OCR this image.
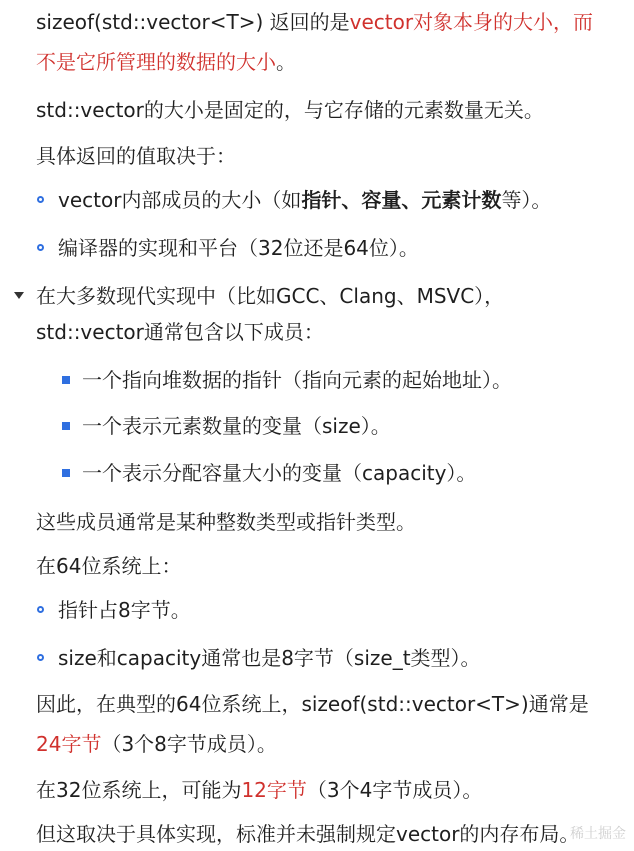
sizeof(std::vector<T>) 返回的是vector对象本身的大小，而
不是它所管理的数据的大小。
std::vector的大小是固定的，与它存储的元素数量无关。
具体返回的值取决于：
vector内部成员的大小（如指针、容量、元素计数等）。
编译器的实现和平台（32位还是64位）。
在大多数现代实现中（比如GCC、Clang、MSVC），
std::vector通常包含以下成员：
一个指向堆数据的指针（指向元素的起始地址）。
一个表示元素数量的变量（size）。
一个表示分配容量大小的变量（capacity）。
这些成员通常是某种整数类型或指针类型。
在64位系统上：
指针占8字节。
size和capacity通常也是8字节（size_t类型）。
因此，在典型的64位系统上，sizeof(std::vector<T>)通常是
24字节（3个8字节成员）。
在32位系统上，可能为12字节（3个4字节成员）。
但这取决于具体实现，标准并未强制规定vector的内存布局。
稀土掘金
